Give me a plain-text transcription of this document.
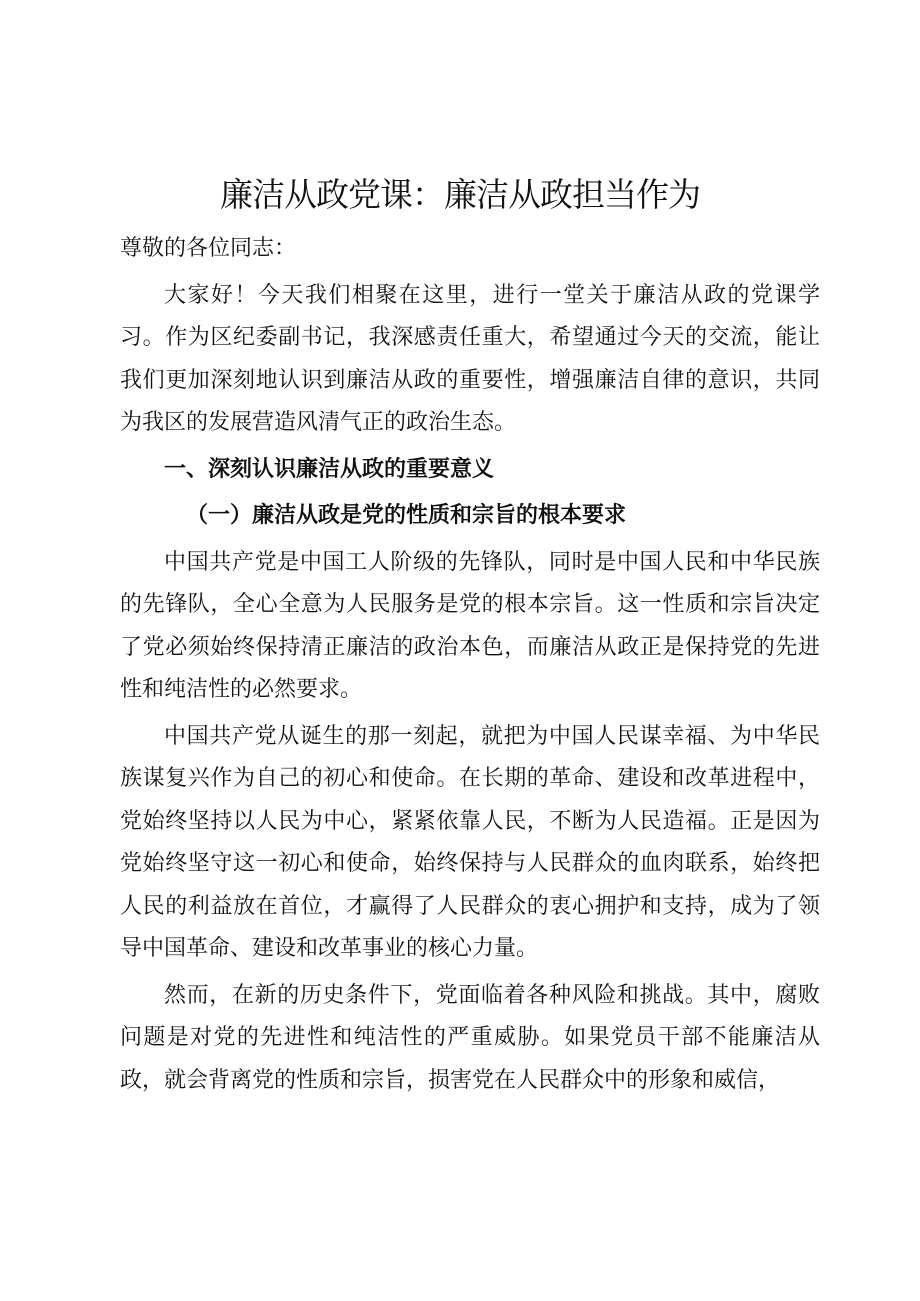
廉洁从政党课：廉洁从政担当作为

尊敬的各位同志：

大家好！今天我们相聚在这里，进行一堂关于廉洁从政的党课学习。作为区纪委副书记，我深感责任重大，希望通过今天的交流，能让我们更加深刻地认识到廉洁从政的重要性，增强廉洁自律的意识，共同为我区的发展营造风清气正的政治生态。

一、深刻认识廉洁从政的重要意义

（一）廉洁从政是党的性质和宗旨的根本要求

中国共产党是中国工人阶级的先锋队，同时是中国人民和中华民族的先锋队，全心全意为人民服务是党的根本宗旨。这一性质和宗旨决定了党必须始终保持清正廉洁的政治本色，而廉洁从政正是保持党的先进性和纯洁性的必然要求。

中国共产党从诞生的那一刻起，就把为中国人民谋幸福、为中华民族谋复兴作为自己的初心和使命。在长期的革命、建设和改革进程中，党始终坚持以人民为中心，紧紧依靠人民，不断为人民造福。正是因为党始终坚守这一初心和使命，始终保持与人民群众的血肉联系，始终把人民的利益放在首位，才赢得了人民群众的衷心拥护和支持，成为了领导中国革命、建设和改革事业的核心力量。

然而，在新的历史条件下，党面临着各种风险和挑战。其中，腐败问题是对党的先进性和纯洁性的严重威胁。如果党员干部不能廉洁从政，就会背离党的性质和宗旨，损害党在人民群众中的形象和威信，
